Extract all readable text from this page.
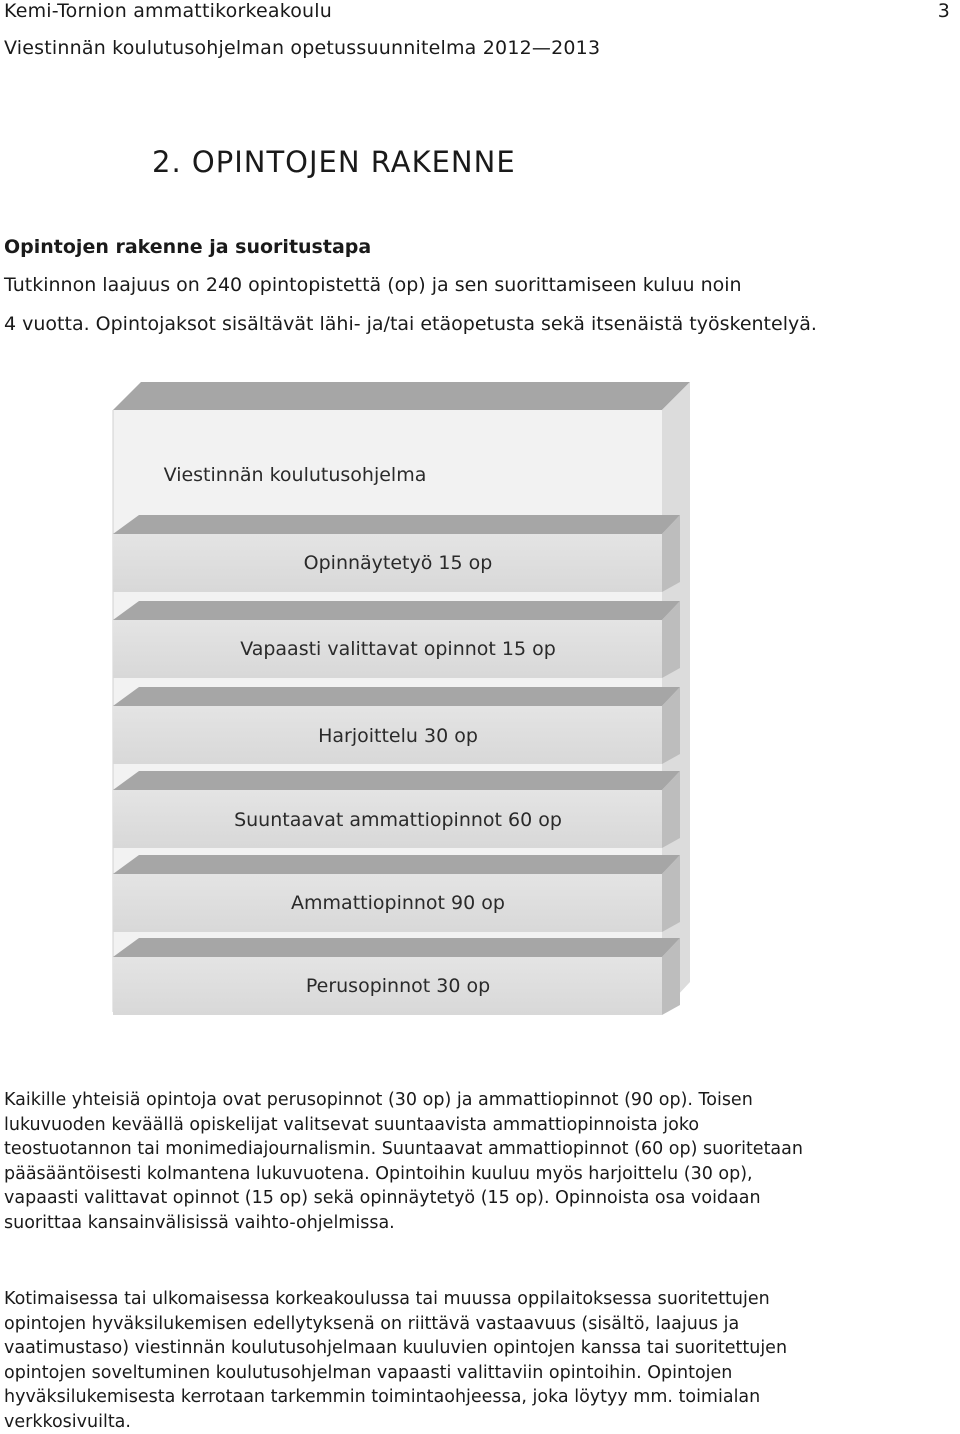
Kemi-Tornion ammattikorkeakoulu	3
Viestinnän koulutusohjelman opetussuunnitelma 2012—2013
2. OPINTOJEN RAKENNE
Opintojen rakenne ja suoritustapa
Tutkinnon laajuus on 240 opintopistettä (op) ja sen suorittamiseen kuluu noin
4 vuotta. Opintojaksot sisältävät lähi- ja/tai etäopetusta sekä itsenäistä työskentelyä.
Viestinnän koulutusohjelma
Opinnäytetyö 15 op
Vapaasti valittavat opinnot 15 op
Harjoittelu 30 op
Suuntaavat ammattiopinnot 60 op
Ammattiopinnot 90 op
Perusopinnot 30 op
Kaikille yhteisiä opintoja ovat perusopinnot (30 op) ja ammattiopinnot (90 op). Toisen
lukuvuoden keväällä opiskelijat valitsevat suuntaavista ammattiopinnoista joko
teostuotannon tai monimediajournalismin. Suuntaavat ammattiopinnot (60 op) suoritetaan
pääsääntöisesti kolmantena lukuvuotena. Opintoihin kuuluu myös harjoittelu (30 op),
vapaasti valittavat opinnot (15 op) sekä opinnäytetyö (15 op). Opinnoista osa voidaan
suorittaa kansainvälisissä vaihto-ohjelmissa.
Kotimaisessa tai ulkomaisessa korkeakoulussa tai muussa oppilaitoksessa suoritettujen
opintojen hyväksilukemisen edellytyksenä on riittävä vastaavuus (sisältö, laajuus ja
vaatimustaso) viestinnän koulutusohjelmaan kuuluvien opintojen kanssa tai suoritettujen
opintojen soveltuminen koulutusohjelman vapaasti valittaviin opintoihin. Opintojen
hyväksilukemisesta kerrotaan tarkemmin toimintaohjeessa, joka löytyy mm. toimialan
verkkosivuilta.
